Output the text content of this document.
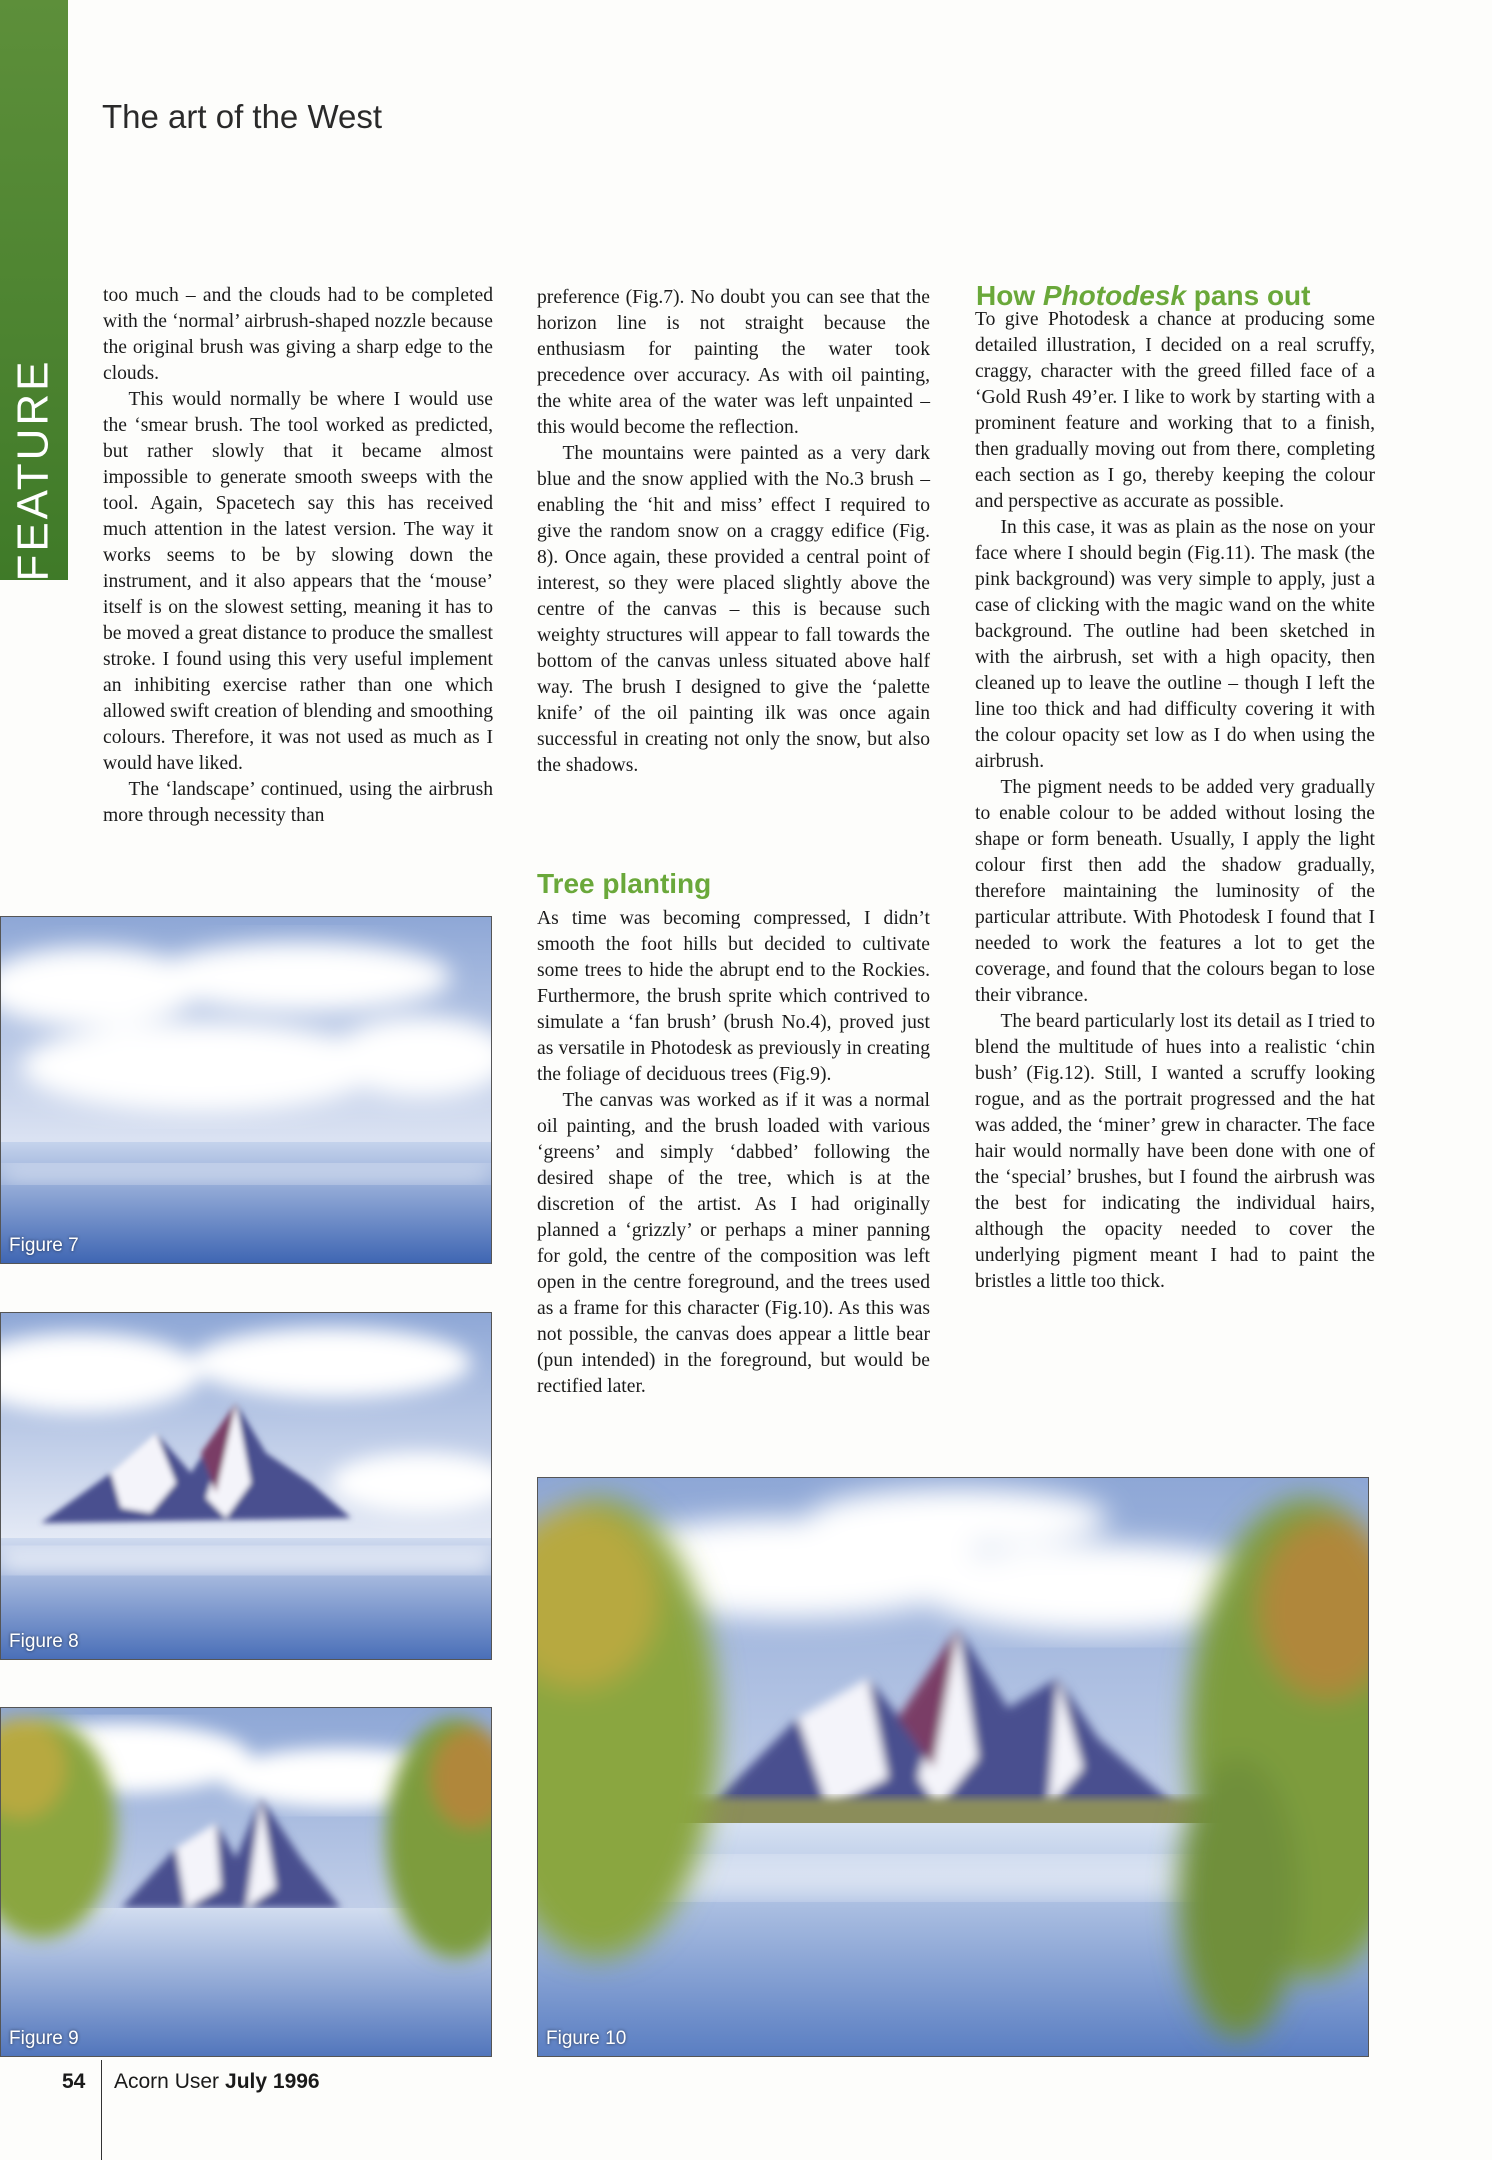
FEATURE
The art of the West

too much – and the clouds had to be completed with the ‘normal’ airbrush-shaped nozzle because the original brush was giving a sharp edge to the clouds.

This would normally be where I would use the ‘smear brush. The tool worked as predicted, but rather slowly that it became almost impossible to generate smooth sweeps with the tool. Again, Spacetech say this has received much attention in the latest version. The way it works seems to be by slowing down the instrument, and it also appears that the ‘mouse’ itself is on the slowest setting, meaning it has to be moved a great distance to produce the smallest stroke. I found using this very useful implement an inhibiting exercise rather than one which allowed swift creation of blending and smoothing colours. Therefore, it was not used as much as I would have liked.

The ‘landscape’ continued, using the airbrush more through necessity than

preference (Fig.7). No doubt you can see that the horizon line is not straight because the enthusiasm for painting the water took precedence over accuracy. As with oil painting, the white area of the water was left unpainted – this would become the reflection.

The mountains were painted as a very dark blue and the snow applied with the No.3 brush – enabling the ‘hit and miss’ effect I required to give the random snow on a craggy edifice (Fig. 8). Once again, these provided a central point of interest, so they were placed slightly above the centre of the canvas – this is because such weighty structures will appear to fall towards the bottom of the canvas unless situated above half way. The brush I designed to give the ‘palette knife’ of the oil painting ilk was once again successful in creating not only the snow, but also the shadows.

Tree planting

As time was becoming compressed, I didn’t smooth the foot hills but decided to cultivate some trees to hide the abrupt end to the Rockies. Furthermore, the brush sprite which contrived to simulate a ‘fan brush’ (brush No.4), proved just as versatile in Photodesk as previously in creating the foliage of deciduous trees (Fig.9).

The canvas was worked as if it was a normal oil painting, and the brush loaded with various ‘greens’ and simply ‘dabbed’ following the desired shape of the tree, which is at the discretion of the artist. As I had originally planned a ‘grizzly’ or perhaps a miner panning for gold, the centre of the composition was left open in the centre foreground, and the trees used as a frame for this character (Fig.10). As this was not possible, the canvas does appear a little bear (pun intended) in the foreground, but would be rectified later.

How Photodesk pans out

To give Photodesk a chance at producing some detailed illustration, I decided on a real scruffy, craggy, character with the greed filled face of a ‘Gold Rush 49’er. I like to work by starting with a prominent feature and working that to a finish, then gradually moving out from there, completing each section as I go, thereby keeping the colour and perspective as accurate as possible.

In this case, it was as plain as the nose on your face where I should begin (Fig.11). The mask (the pink background) was very simple to apply, just a case of clicking with the magic wand on the white background. The outline had been sketched in with the airbrush, set with a high opacity, then cleaned up to leave the outline – though I left the line too thick and had difficulty covering it with the colour opacity set low as I do when using the airbrush.

The pigment needs to be added very gradually to enable colour to be added without losing the shape or form beneath. Usually, I apply the light colour first then add the shadow gradually, therefore maintaining the luminosity of the particular attribute. With Photodesk I found that I needed to work the features a lot to get the coverage, and found that the colours began to lose their vibrance.

The beard particularly lost its detail as I tried to blend the multitude of hues into a realistic ‘chin bush’ (Fig.12). Still, I wanted a scruffy looking rogue, and as the portrait progressed and the hat was added, the ‘miner’ grew in character. The face hair would normally have been done with one of the ‘special’ brushes, but I found the airbrush was the best for indicating the individual hairs, although the opacity needed to cover the underlying pigment meant I had to paint the bristles a little too thick.

Figure 7
Figure 8
Figure 9	Figure 10
54 Acorn User July 1996
